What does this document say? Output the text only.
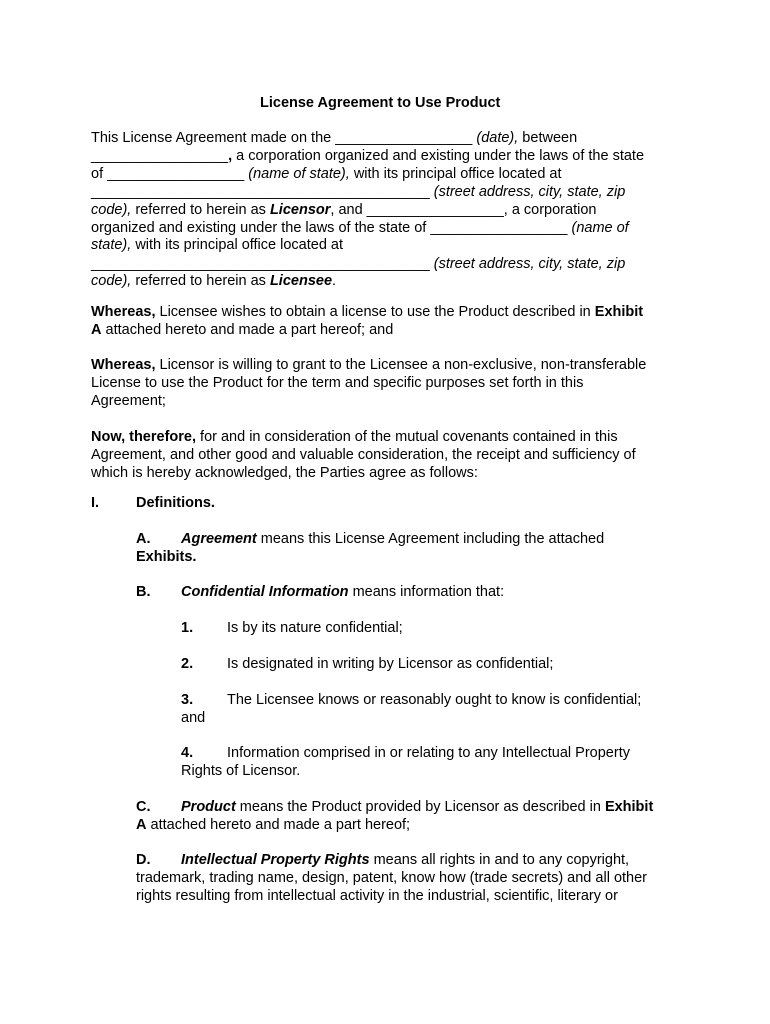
License Agreement to Use Product
This License Agreement made on the _________________ (date), between
_________________, a corporation organized and existing under the laws of the state
of _________________ (name of state), with its principal office located at
__________________________________________ (street address, city, state, zip
code), referred to herein as Licensor, and _________________, a corporation
organized and existing under the laws of the state of _________________ (name of
state), with its principal office located at
__________________________________________ (street address, city, state, zip
code), referred to herein as Licensee.
Whereas, Licensee wishes to obtain a license to use the Product described in Exhibit
A attached hereto and made a part hereof; and
Whereas, Licensor is willing to grant to the Licensee a non-exclusive, non-transferable
License to use the Product for the term and specific purposes set forth in this
Agreement;
Now, therefore, for and in consideration of the mutual covenants contained in this
Agreement, and other good and valuable consideration, the receipt and sufficiency of
which is hereby acknowledged, the Parties agree as follows:
I.	Definitions.
A. Agreement means this License Agreement including the attached
Exhibits.
B. Confidential Information means information that:
1. Is by its nature confidential;
2. Is designated in writing by Licensor as confidential;
3. The Licensee knows or reasonably ought to know is confidential;
and
4. Information comprised in or relating to any Intellectual Property
Rights of Licensor.
C. Product means the Product provided by Licensor as described in Exhibit
A attached hereto and made a part hereof;
D. Intellectual Property Rights means all rights in and to any copyright,
trademark, trading name, design, patent, know how (trade secrets) and all other
rights resulting from intellectual activity in the industrial, scientific, literary or
